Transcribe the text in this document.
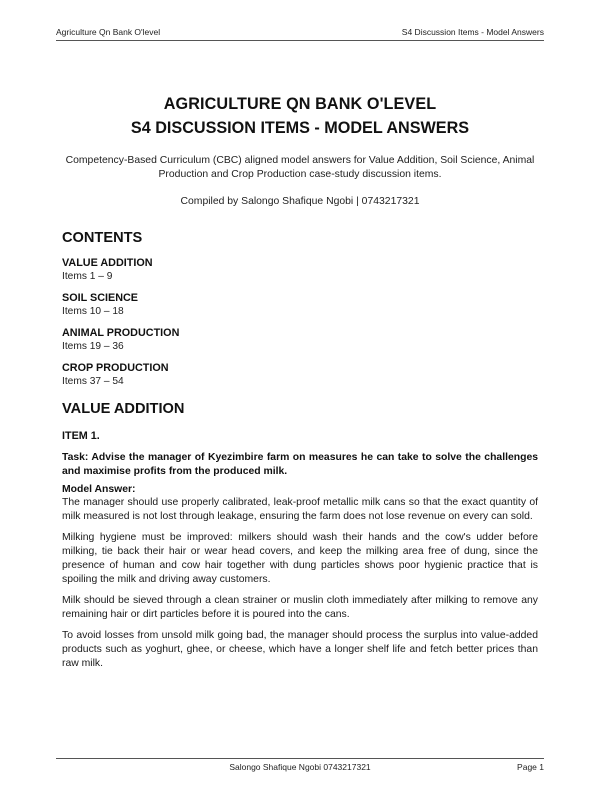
Agriculture Qn Bank O'level	S4 Discussion Items - Model Answers

AGRICULTURE QN BANK O'LEVEL

S4 DISCUSSION ITEMS - MODEL ANSWERS

Competency-Based Curriculum (CBC) aligned model answers for Value Addition, Soil Science, Animal Production and Crop Production case-study discussion items.

Compiled by Salongo Shafique Ngobi | 0743217321

CONTENTS

VALUE ADDITION

Items 1 – 9

SOIL SCIENCE

Items 10 – 18

ANIMAL PRODUCTION

Items 19 – 36

CROP PRODUCTION

Items 37 – 54

VALUE ADDITION

ITEM 1.

Task: Advise the manager of Kyezimbire farm on measures he can take to solve the challenges and maximise profits from the produced milk.

Model Answer:

The manager should use properly calibrated, leak-proof metallic milk cans so that the exact quantity of milk measured is not lost through leakage, ensuring the farm does not lose revenue on every can sold.

Milking hygiene must be improved: milkers should wash their hands and the cow's udder before milking, tie back their hair or wear head covers, and keep the milking area free of dung, since the presence of human and cow hair together with dung particles shows poor hygienic practice that is spoiling the milk and driving away customers.

Milk should be sieved through a clean strainer or muslin cloth immediately after milking to remove any remaining hair or dirt particles before it is poured into the cans.

To avoid losses from unsold milk going bad, the manager should process the surplus into value-added products such as yoghurt, ghee, or cheese, which have a longer shelf life and fetch better prices than raw milk.

Salongo Shafique Ngobi 0743217321	Page 1
